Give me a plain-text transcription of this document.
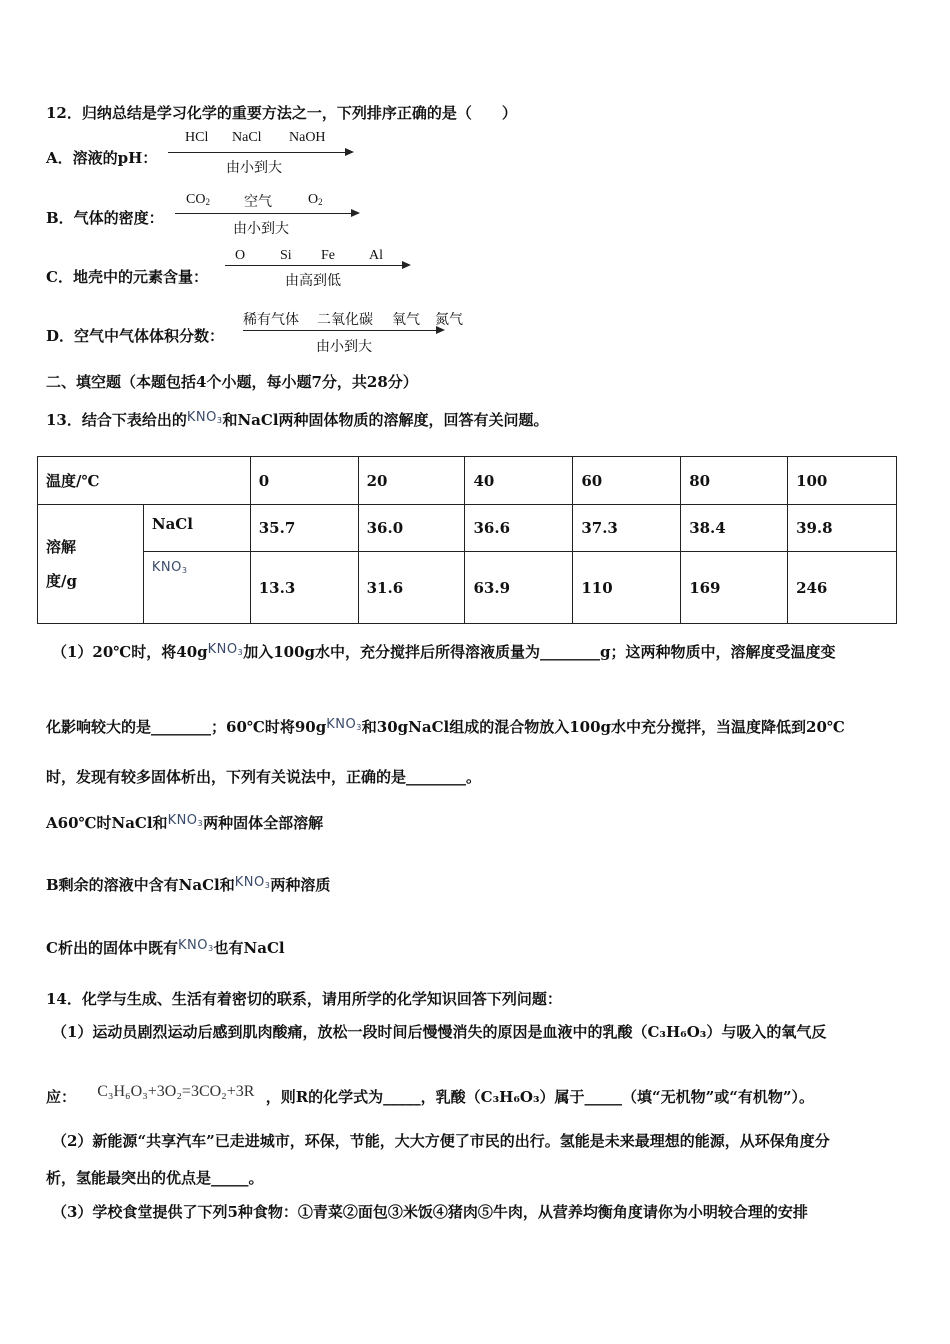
12．归纳总结是学习化学的重要方法之一，下列排序正确的是（　　）
A．溶液的pH：
HCl NaCl NaOH
由小到大
B．气体的密度：
$CO_2$ 空气	$O_2$
由小到大
C．地壳中的元素含量：
O Si Fe Al
由高到低
D．空气中气体体积分数：
稀有气体 二氧化碳 氧气 氮气
由小到大
二、填空题（本题包括4个小题，每小题7分，共28分）
13．结合下表给出的KNO3和NaCl两种固体物质的溶解度，回答有关问题。
温度/℃		0	20	40	60	80	100

溶解
度/g	NaCl	35.7	36.0	36.6	37.3	38.4	39.8
	KNO3	13.3	31.6	63.9	110	169	246
（1）20℃时，将40gKNO3加入100g水中，充分搅拌后所得溶液质量为________g；这两种物质中，溶解度受温度变
化影响较大的是________；60℃时将90gKNO3和30gNaCl组成的混合物放入100g水中充分搅拌，当温度降低到20℃
时，发现有较多固体析出，下列有关说法中，正确的是________。
A60℃时NaCl和KNO3两种固体全部溶解
B剩余的溶液中含有NaCl和KNO3两种溶质
C析出的固体中既有KNO3也有NaCl
14．化学与生成、生活有着密切的联系，请用所学的化学知识回答下列问题：
（1）运动员剧烈运动后感到肌肉酸痛，放松一段时间后慢慢消失的原因是血液中的乳酸（C₃H₆O₃）与吸入的氧气反
应： C₃H₆O₃+3O₂=3CO₂+3R ，则R的化学式为_____，乳酸（C₃H₆O₃）属于_____（填“无机物”或“有机物”）。
（2）新能源“共享汽车”已走进城市，环保，节能，大大方便了市民的出行。氢能是未来最理想的能源，从环保角度分
析，氢能最突出的优点是_____。
（3）学校食堂提供了下列5种食物：①青菜②面包③米饭④猪肉⑤牛肉，从营养均衡角度请你为小明较合理的安排
